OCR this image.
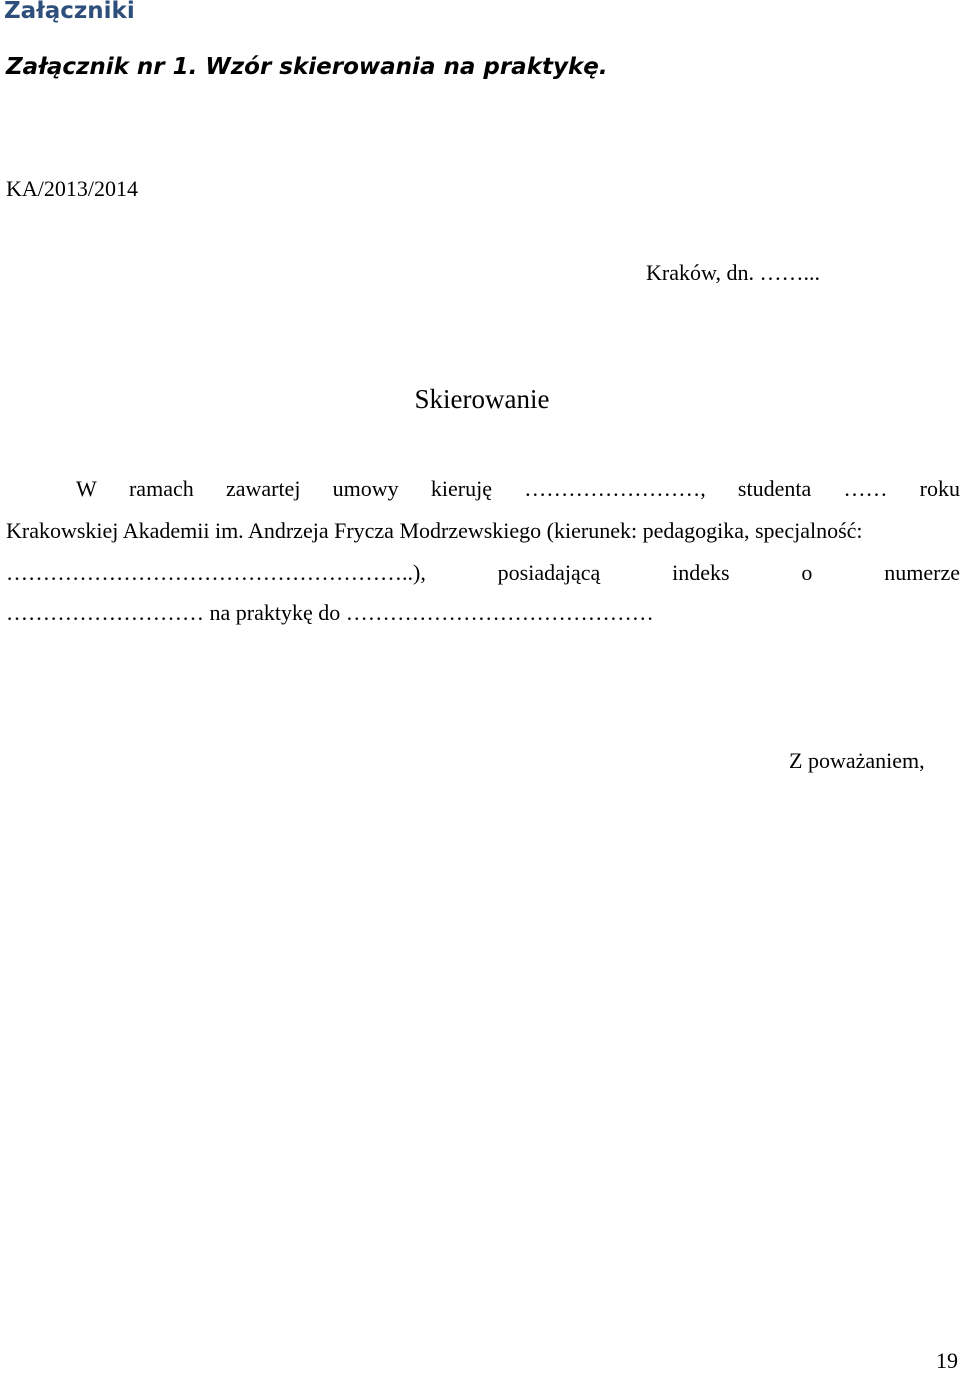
Załączniki
Załącznik nr 1. Wzór skierowania na praktykę.
KA/2013/2014
Kraków, dn. ……...
Skierowanie
W ramach zawartej umowy kieruję ……………………, studenta …… roku
Krakowskiej Akademii im. Andrzeja Frycza Modrzewskiego (kierunek: pedagogika, specjalność:
………………………………………………..),	posiadającą	indeks	o	numerze
……………………… na praktykę do ……………………………………
Z poważaniem,
19
